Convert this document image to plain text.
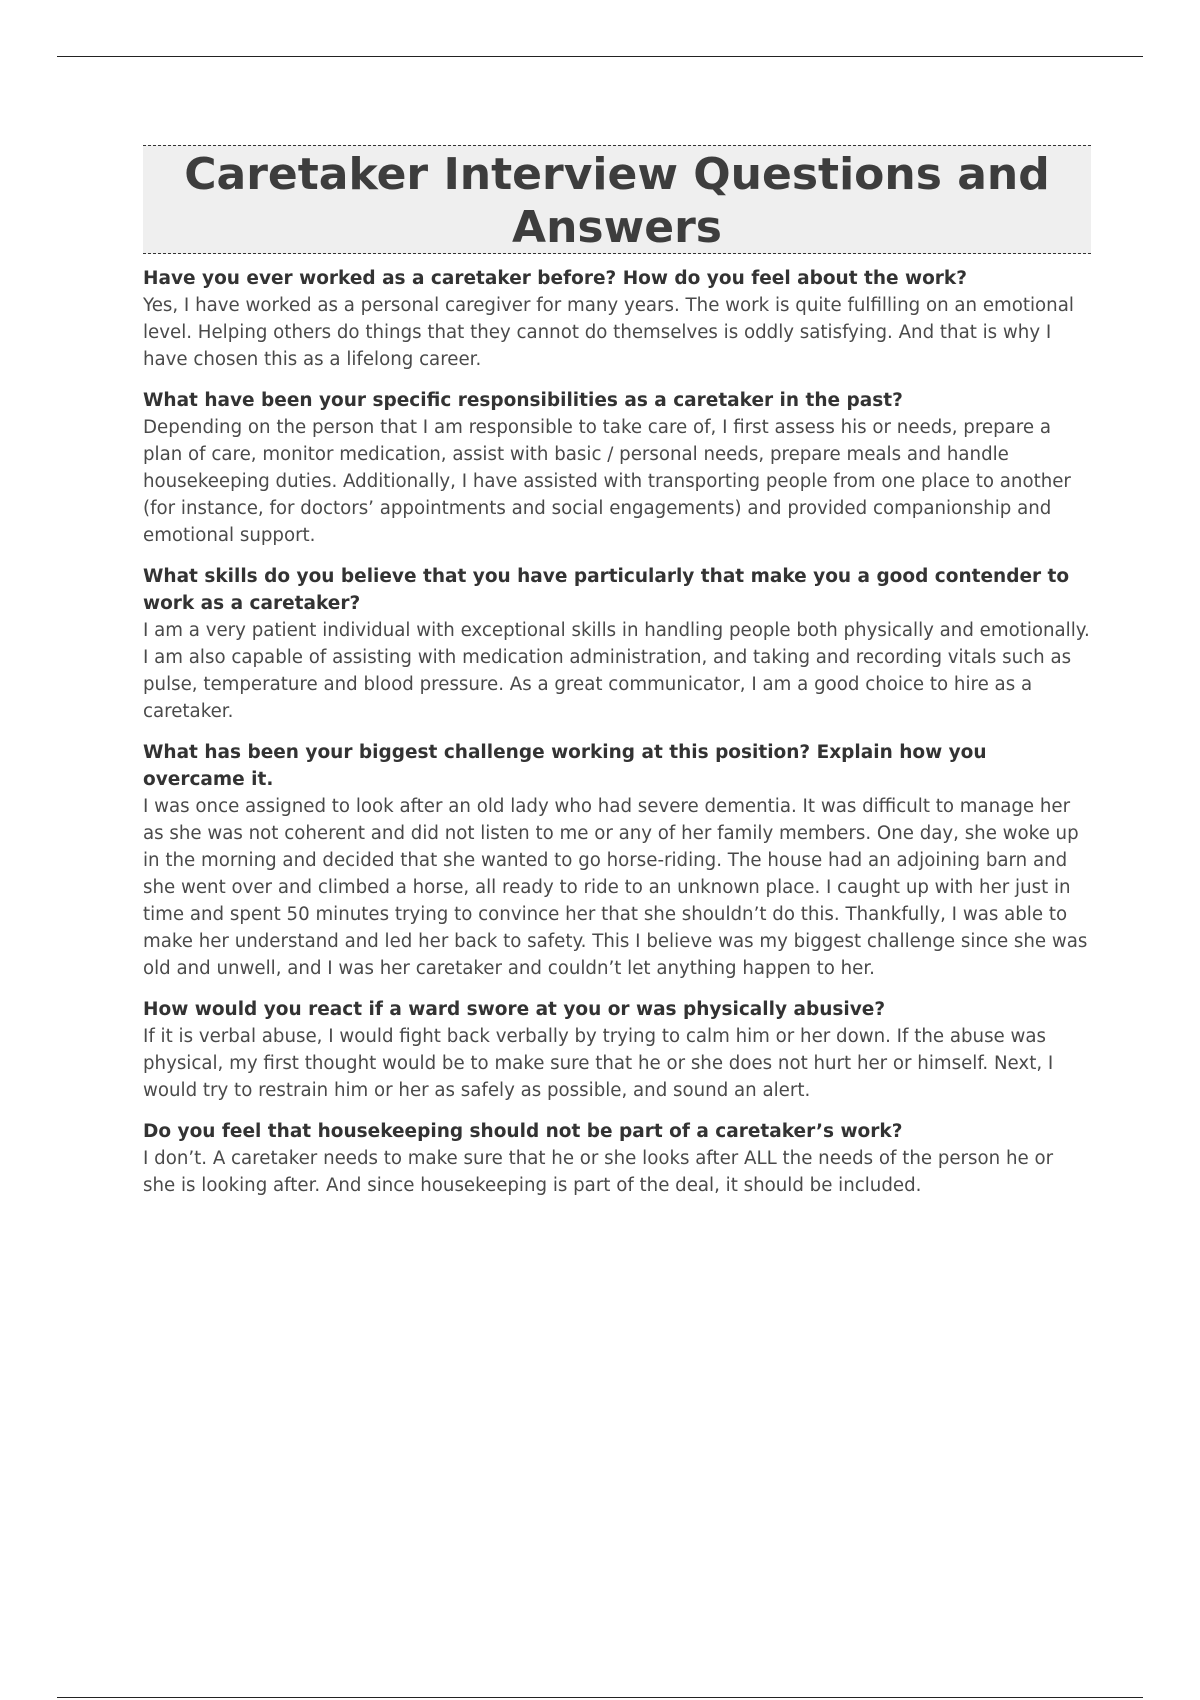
Caretaker Interview Questions and Answers

Have you ever worked as a caretaker before? How do you feel about the work?

Yes, I have worked as a personal caregiver for many years. The work is quite fulfilling on an emotional level. Helping others do things that they cannot do themselves is oddly satisfying. And that is why I have chosen this as a lifelong career.

What have been your specific responsibilities as a caretaker in the past?

Depending on the person that I am responsible to take care of, I first assess his or needs, prepare a plan of care, monitor medication, assist with basic / personal needs, prepare meals and handle housekeeping duties. Additionally, I have assisted with transporting people from one place to another (for instance, for doctors’ appointments and social engagements) and provided companionship and emotional support.

What skills do you believe that you have particularly that make you a good contender to work as a caretaker?

I am a very patient individual with exceptional skills in handling people both physically and emotionally. I am also capable of assisting with medication administration, and taking and recording vitals such as pulse, temperature and blood pressure. As a great communicator, I am a good choice to hire as a caretaker.

What has been your biggest challenge working at this position? Explain how you overcame it.

I was once assigned to look after an old lady who had severe dementia. It was difficult to manage her as she was not coherent and did not listen to me or any of her family members. One day, she woke up in the morning and decided that she wanted to go horse-riding. The house had an adjoining barn and she went over and climbed a horse, all ready to ride to an unknown place. I caught up with her just in time and spent 50 minutes trying to convince her that she shouldn’t do this. Thankfully, I was able to make her understand and led her back to safety. This I believe was my biggest challenge since she was old and unwell, and I was her caretaker and couldn’t let anything happen to her.

How would you react if a ward swore at you or was physically abusive?

If it is verbal abuse, I would fight back verbally by trying to calm him or her down. If the abuse was physical, my first thought would be to make sure that he or she does not hurt her or himself. Next, I would try to restrain him or her as safely as possible, and sound an alert.

Do you feel that housekeeping should not be part of a caretaker’s work?

I don’t. A caretaker needs to make sure that he or she looks after ALL the needs of the person he or she is looking after. And since housekeeping is part of the deal, it should be included.
